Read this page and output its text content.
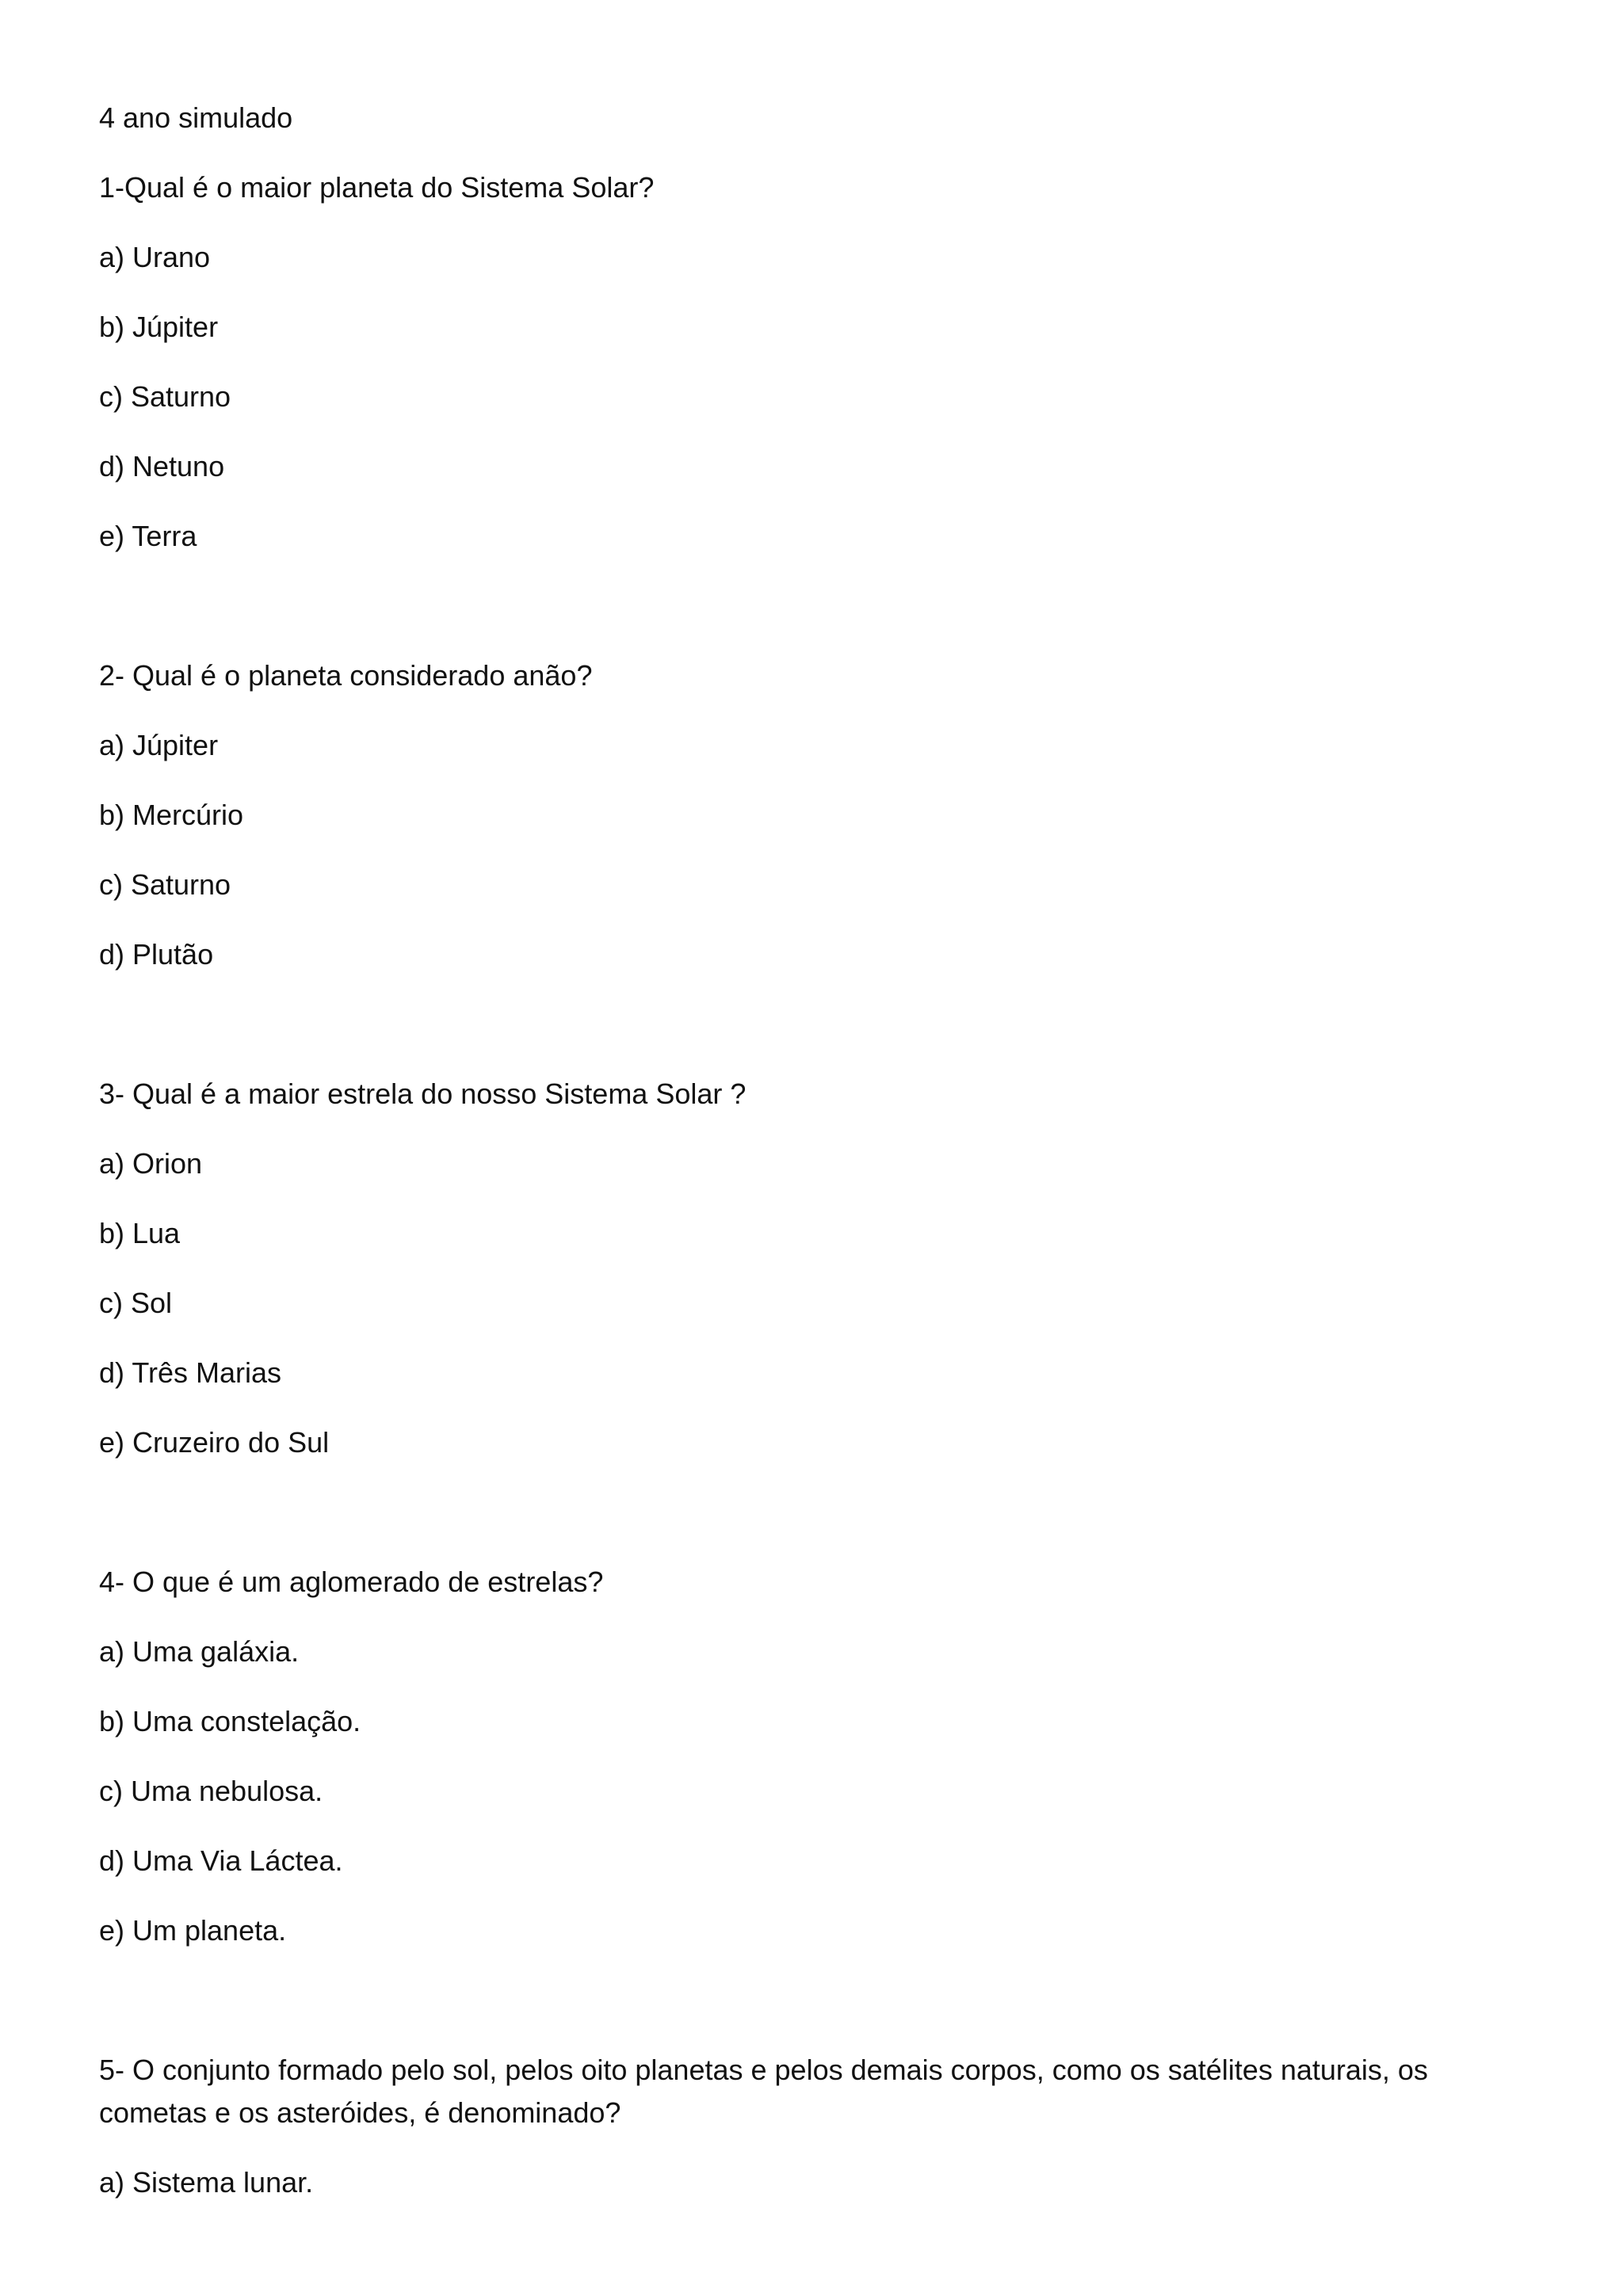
4 ano simulado
1-Qual é o maior planeta do Sistema Solar?
a) Urano
b) Júpiter
c) Saturno
d) Netuno
e) Terra
2- Qual é o planeta considerado anão?
a) Júpiter
b) Mercúrio
c) Saturno
d) Plutão
3- Qual é a maior estrela do nosso Sistema Solar ?
a) Orion
b) Lua
c) Sol
d) Três Marias
e) Cruzeiro do Sul
4- O que é um aglomerado de estrelas?
a) Uma galáxia.
b) Uma constelação.
c) Uma nebulosa.
d) Uma Via Láctea.
e) Um planeta.
5- O conjunto formado pelo sol, pelos oito planetas e pelos demais corpos, como os satélites naturais, os cometas e os asteróides, é denominado?
a) Sistema lunar.
